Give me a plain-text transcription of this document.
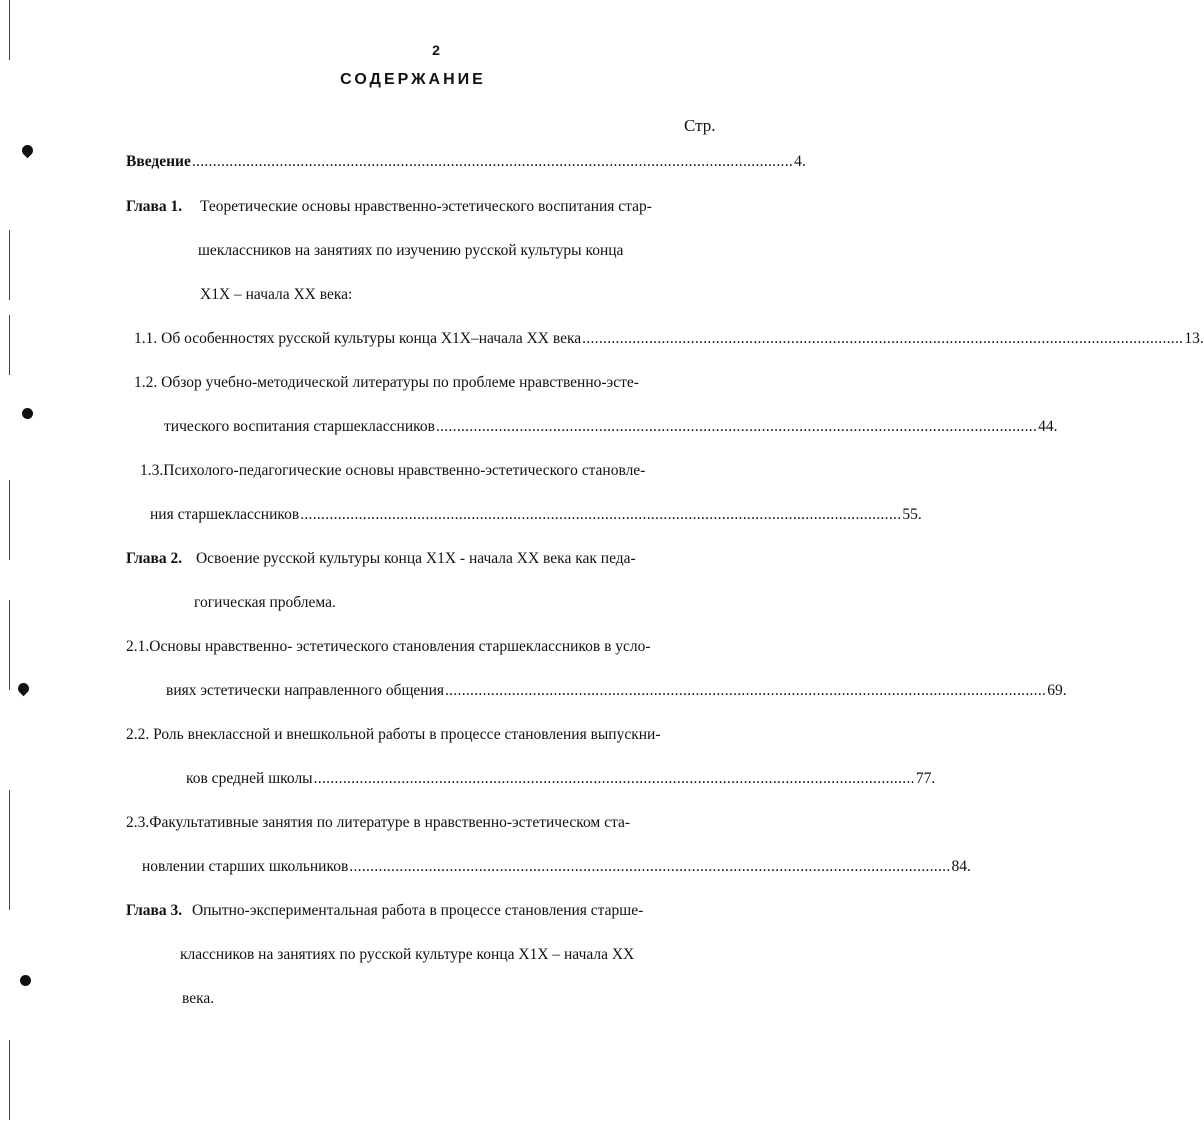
2
СОДЕРЖАНИЕ
Стр.
Введение ................................................................................................................................................ 4.
Глава 1. Теоретические основы нравственно-эстетического воспитания стар-
шеклассников на занятиях по изучению русской культуры конца
X1X – начала XX века:
1.1. Об особенностях русской культуры конца X1X–начала XX века ................................................................................................................................................ 13.
1.2. Обзор учебно-методической литературы по проблеме нравственно-эсте-
тического воспитания старшеклассников ................................................................................................................................................ 44.
1.3.Психолого-педагогические основы нравственно-эстетического становле-
ния старшеклассников ................................................................................................................................................ 55.
Глава 2. Освоение русской культуры конца X1X - начала XX века как педа-
гогическая проблема.
2.1.Основы нравственно- эстетического становления старшеклассников в усло-
виях эстетически направленного общения ................................................................................................................................................ 69.
2.2. Роль внеклассной и внешкольной работы в процессе становления выпускни-
ков средней школы ................................................................................................................................................ 77.
2.3.Факультативные занятия по литературе в нравственно-эстетическом ста-
новлении старших школьников ................................................................................................................................................ 84.
Глава 3. Опытно-экспериментальная работа в процессе становления старше-
классников на занятиях по русской культуре конца X1X – начала XX
века.
